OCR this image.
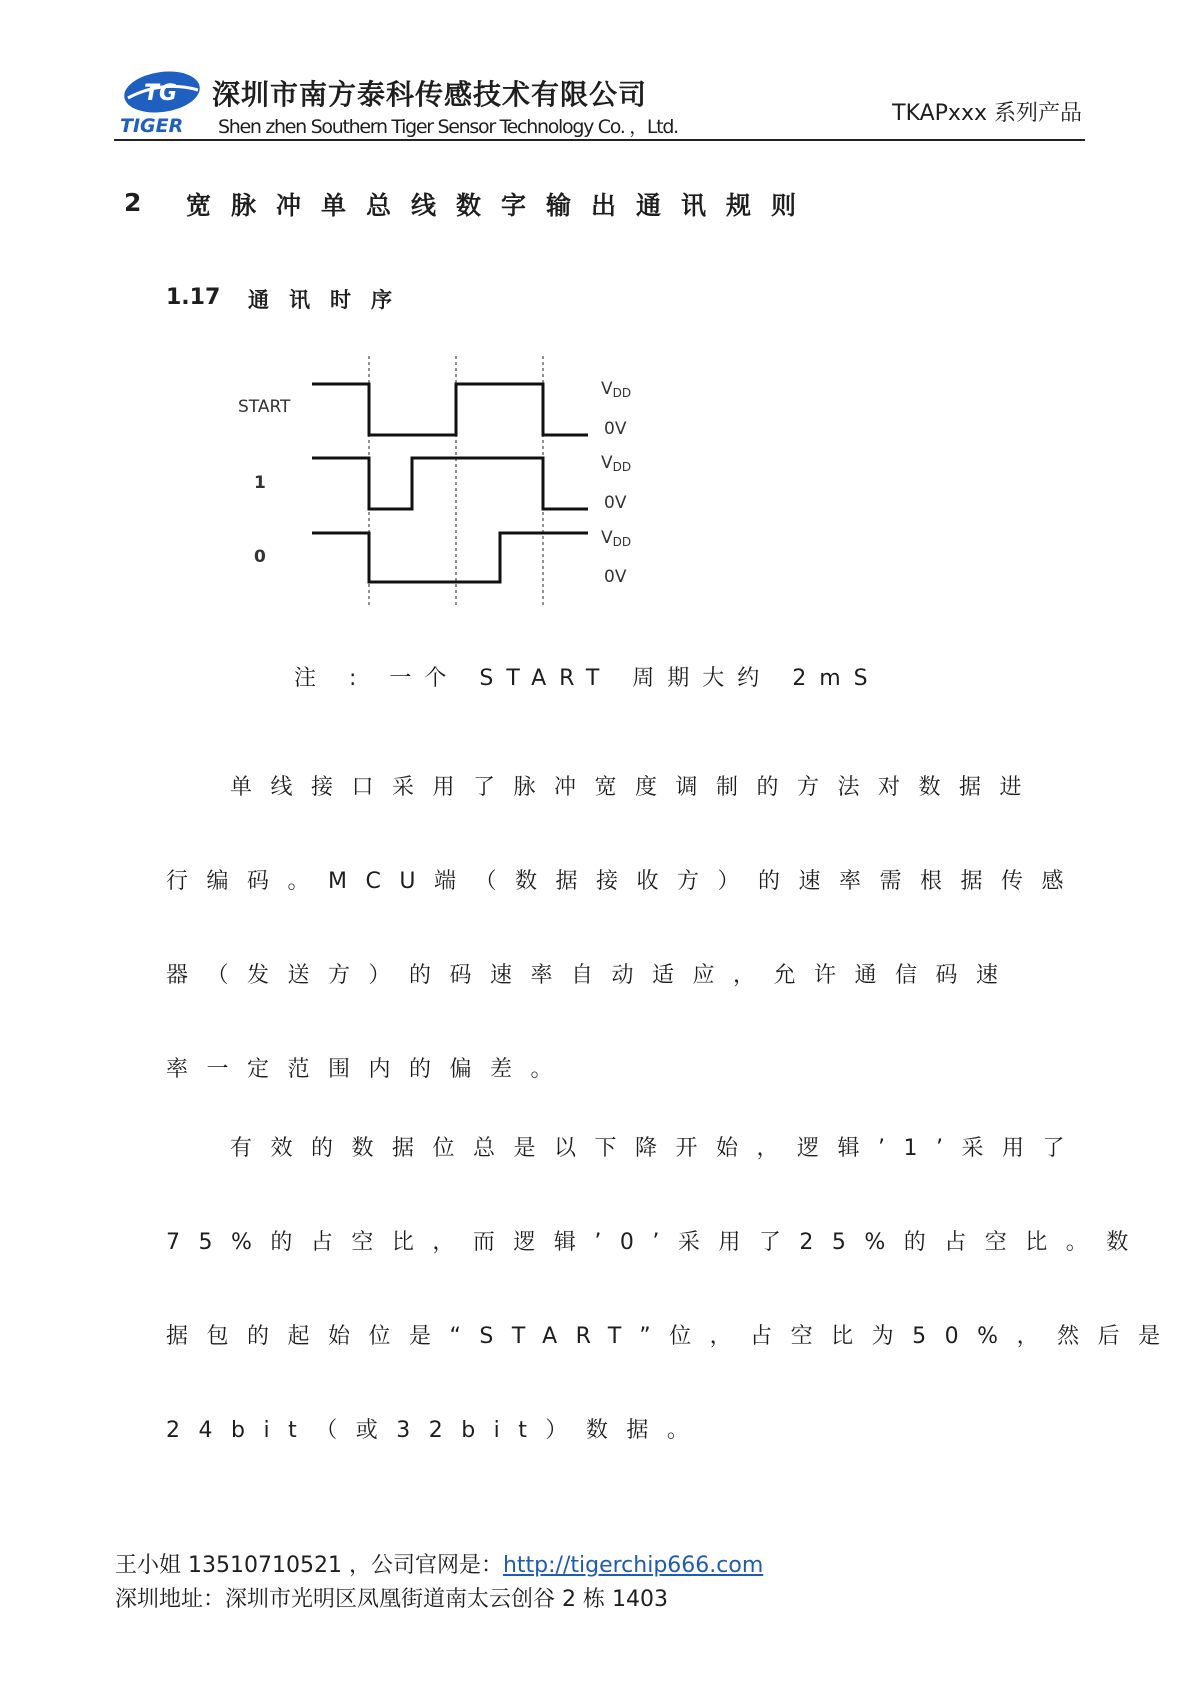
TG
TIGER
深圳市南方泰科传感技术有限公司
Shen zhen Southern Tiger Sensor Technology Co. ，Ltd.
TKAPxxx 系列产品
2 宽脉冲单总线数字输出通讯规则
1.17 通讯时序
START
1
0
VDD
0V
VDD
0V
VDD
0V
注 : 一个 START 周期大约 2mS
单线接口采用了脉冲宽度调制的方法对数据进
行编码。MCU端（数据接收方）的速率需根据传感
器（发送方）的码速率自动适应，允许通信码速
率一定范围内的偏差。
有效的数据位总是以下降开始，逻辑’1’采用了
75%的占空比，而逻辑’0’采用了25%的占空比。数
据包的起始位是“START”位，占空比为50%，然后是
24bit（或32bit）数据。
王小姐 13510710521 ，公司官网是：http://tigerchip666.com
深圳地址：深圳市光明区凤凰街道南太云创谷 2 栋 1403
